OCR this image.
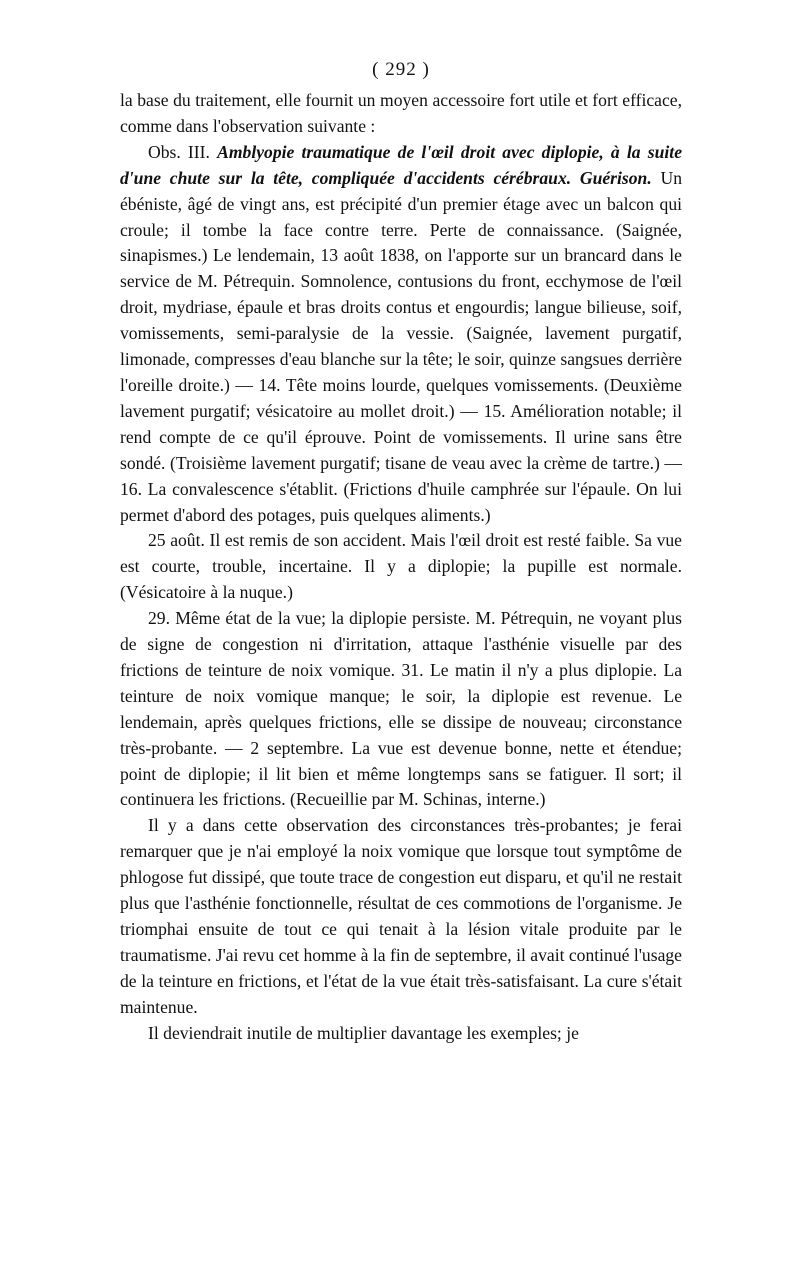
( 292 )

la base du traitement, elle fournit un moyen accessoire fort utile et fort efficace, comme dans l'observation suivante :

Obs. III. Amblyopie traumatique de l'œil droit avec diplopie, à la suite d'une chute sur la tête, compliquée d'accidents cérébraux. Guérison. Un ébéniste, âgé de vingt ans, est précipité d'un premier étage avec un balcon qui croule; il tombe la face contre terre. Perte de connaissance. (Saignée, sinapismes.) Le lendemain, 13 août 1838, on l'apporte sur un brancard dans le service de M. Pétrequin. Somnolence, contusions du front, ecchymose de l'œil droit, mydriase, épaule et bras droits contus et engourdis; langue bilieuse, soif, vomissements, semi-paralysie de la vessie. (Saignée, lavement purgatif, limonade, compresses d'eau blanche sur la tête; le soir, quinze sangsues derrière l'oreille droite.) — 14. Tête moins lourde, quelques vomissements. (Deuxième lavement purgatif; vésicatoire au mollet droit.) — 15. Amélioration notable; il rend compte de ce qu'il éprouve. Point de vomissements. Il urine sans être sondé. (Troisième lavement purgatif; tisane de veau avec la crème de tartre.) — 16. La convalescence s'établit. (Frictions d'huile camphrée sur l'épaule. On lui permet d'abord des potages, puis quelques aliments.)

25 août. Il est remis de son accident. Mais l'œil droit est resté faible. Sa vue est courte, trouble, incertaine. Il y a diplopie; la pupille est normale. (Vésicatoire à la nuque.)

29. Même état de la vue; la diplopie persiste. M. Pétrequin, ne voyant plus de signe de congestion ni d'irritation, attaque l'asthénie visuelle par des frictions de teinture de noix vomique. 31. Le matin il n'y a plus diplopie. La teinture de noix vomique manque; le soir, la diplopie est revenue. Le lendemain, après quelques frictions, elle se dissipe de nouveau; circonstance très-probante. — 2 septembre. La vue est devenue bonne, nette et étendue; point de diplopie; il lit bien et même longtemps sans se fatiguer. Il sort; il continuera les frictions. (Recueillie par M. Schinas, interne.)

Il y a dans cette observation des circonstances très-probantes; je ferai remarquer que je n'ai employé la noix vomique que lorsque tout symptôme de phlogose fut dissipé, que toute trace de congestion eut disparu, et qu'il ne restait plus que l'asthénie fonctionnelle, résultat de ces commotions de l'organisme. Je triomphai ensuite de tout ce qui tenait à la lésion vitale produite par le traumatisme. J'ai revu cet homme à la fin de septembre, il avait continué l'usage de la teinture en frictions, et l'état de la vue était très-satisfaisant. La cure s'était maintenue.

Il deviendrait inutile de multiplier davantage les exemples; je
